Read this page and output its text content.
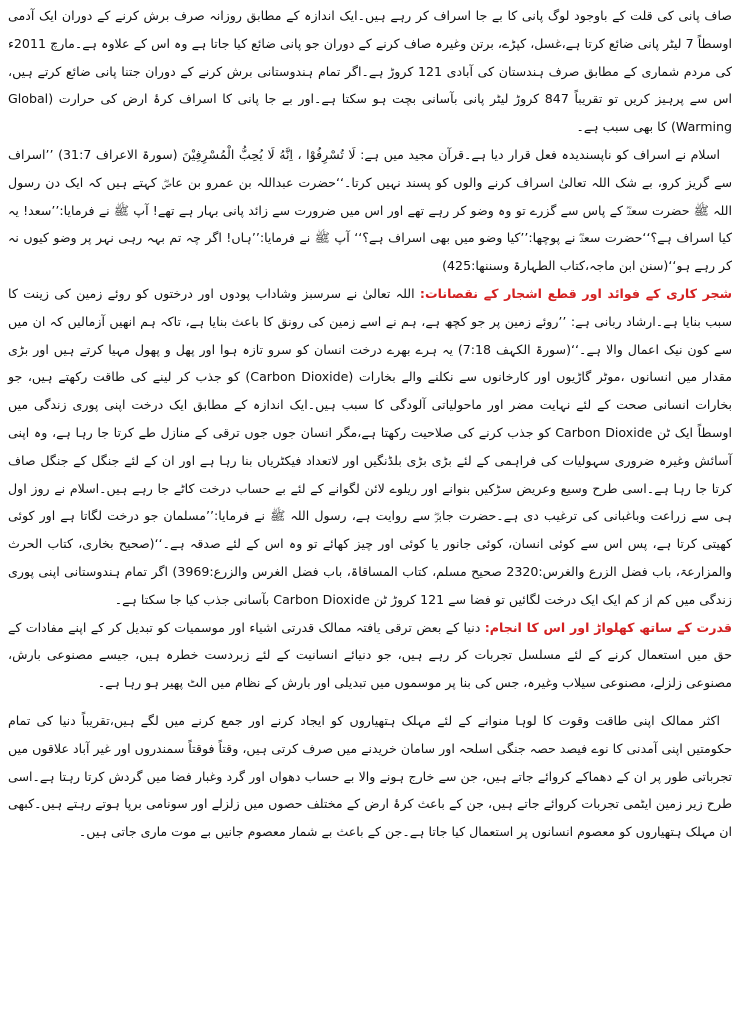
صاف پانی کی قلت کے باوجود لوگ پانی کا بے جا اسراف کر رہے ہیں۔ایک اندازہ کے مطابق روزانہ صرف برش کرنے کے دوران ایک آدمی اوسطاً 7 لیٹر پانی ضائع کرتا ہے،غسل، کپڑے، برتن وغیرہ صاف کرنے کے دوران جو پانی ضائع کیا جاتا ہے وہ اس کے علاوہ ہے۔مارچ 2011ء کی مردم شماری کے مطابق صرف ہندستان کی آبادی 121 کروڑ ہے۔اگر تمام ہندوستانی برش کرنے کے دوران جتنا پانی ضائع کرتے ہیں، اس سے پرہیز کریں تو تقریباً 847 کروڑ لیٹر پانی بآسانی بچت ہو سکتا ہے۔اور بے جا پانی کا اسراف کرۂ ارض کی حرارت (Global Warming) کا بھی سبب ہے۔

اسلام نے اسراف کو ناپسندیدہ فعل قرار دیا ہے۔قرآن مجید میں ہے: لَا تُسْرِفُوْا ، اِنَّهُ لَا يُحِبُّ الْمُسْرِفِيْنَ (سورۃ الاعراف 31:7) ’’اسراف سے گریز کرو، بے شک اللہ تعالیٰ اسراف کرنے والوں کو پسند نہیں کرتا۔‘‘حضرت عبداللہ بن عمرو بن عاصؓ کہتے ہیں کہ ایک دن رسول اللہ ﷺ حضرت سعدؓ کے پاس سے گزرے تو وہ وضو کر رہے تھے اور اس میں ضرورت سے زائد پانی بہار ہے تھے! آپ ﷺ نے فرمایا:’’سعد! یہ کیا اسراف ہے؟‘‘حضرت سعدؓ نے پوچھا:’’کیا وضو میں بھی اسراف ہے؟‘‘ آپ ﷺ نے فرمایا:’’ہاں! اگر چہ تم بہہ رہی نہر پر وضو کیوں نہ کر رہے ہو‘‘(سنن ابن ماجہ،کتاب الطہارۃ وسننھا:425)

شجر کاری کے فوائد اور قطع اشجار کے نقصانات: اللہ تعالیٰ نے سرسبز وشاداب پودوں اور درختوں کو روئے زمین کی زینت کا سبب بنایا ہے۔ارشاد ربانی ہے: ’’روئے زمین پر جو کچھ ہے، ہم نے اسے زمین کی رونق کا باعث بنایا ہے، تاکہ ہم انھیں آزمالیں کہ ان میں سے کون نیک اعمال والا ہے۔‘‘(سورۃ الکہف 7:18) یہ ہرے بھرے درخت انسان کو سرو تازہ ہوا اور پھل و پھول مہیا کرتے ہیں اور بڑی مقدار میں انسانوں ،موٹر گاڑیوں اور کارخانوں سے نکلنے والے بخارات (Carbon Dioxide) کو جذب کر لینے کی طاقت رکھتے ہیں، جو بخارات انسانی صحت کے لئے نہایت مضر اور ماحولیاتی آلودگی کا سبب ہیں۔ایک اندازہ کے مطابق ایک درخت اپنی پوری زندگی میں اوسطاً ایک ٹن Carbon Dioxide کو جذب کرنے کی صلاحیت رکھتا ہے،مگر انسان جوں جوں ترقی کے منازل طے کرتا جا رہا ہے، وہ اپنی آسائش وغیرہ ضروری سہولیات کی فراہمی کے لئے بڑی بڑی بلڈنگیں اور لاتعداد فیکٹریاں بنا رہا ہے اور ان کے لئے جنگل کے جنگل صاف کرتا جا رہا ہے۔اسی طرح وسیع وعریض سڑکیں بنوانے اور ریلوے لائن لگوانے کے لئے بے حساب درخت کاٹے جا رہے ہیں۔اسلام نے روز اول ہی سے زراعت وباغبانی کی ترغیب دی ہے۔حضرت جابرؓ سے روایت ہے، رسول اللہ ﷺ نے فرمایا:’’مسلمان جو درخت لگاتا ہے اور کوئی کھیتی کرتا ہے، پس اس سے کوئی انسان، کوئی جانور یا کوئی اور چیز کھائے تو وہ اس کے لئے صدقہ ہے۔‘‘(صحیح بخاری، کتاب الحرث والمزارعۃ، باب فضل الزرع والغرس:2320 صحیح مسلم، کتاب المساقاۃ، باب فضل الغرس والزرع:3969) اگر تمام ہندوستانی اپنی پوری زندگی میں کم از کم ایک ایک درخت لگائیں تو فضا سے 121 کروڑ ٹن Carbon Dioxide بآسانی جذب کیا جا سکتا ہے۔

قدرت کے ساتھ کھلواڑ اور اس کا انجام: دنیا کے بعض ترقی یافتہ ممالک قدرتی اشیاء اور موسمیات کو تبدیل کر کے اپنے مفادات کے حق میں استعمال کرنے کے لئے مسلسل تجربات کر رہے ہیں، جو دنیائے انسانیت کے لئے زبردست خطرہ ہیں، جیسے مصنوعی بارش، مصنوعی زلزلے، مصنوعی سیلاب وغیرہ، جس کی بنا پر موسموں میں تبدیلی اور بارش کے نظام میں الٹ پھیر ہو رہا ہے۔

اکثر ممالک اپنی طاقت وقوت کا لوہا منوانے کے لئے مہلک ہتھیاروں کو ایجاد کرنے اور جمع کرنے میں لگے ہیں،تقریباً دنیا کی تمام حکومتیں اپنی آمدنی کا نوے فیصد حصہ جنگی اسلحہ اور سامان خریدنے میں صرف کرتی ہیں، وقتاً فوقتاً سمندروں اور غیر آباد علاقوں میں تجرباتی طور پر ان کے دھماکے کروائے جاتے ہیں، جن سے خارج ہونے والا بے حساب دھواں اور گرد وغبار فضا میں گردش کرتا رہتا ہے۔اسی طرح زیر زمین ایٹمی تجربات کروائے جاتے ہیں، جن کے باعث کرۂ ارض کے مختلف حصوں میں زلزلے اور سونامی برپا ہوتے رہتے ہیں۔کبھی ان مہلک ہتھیاروں کو معصوم انسانوں پر استعمال کیا جاتا ہے۔جن کے باعث بے شمار معصوم جانیں بے موت ماری جاتی ہیں۔
